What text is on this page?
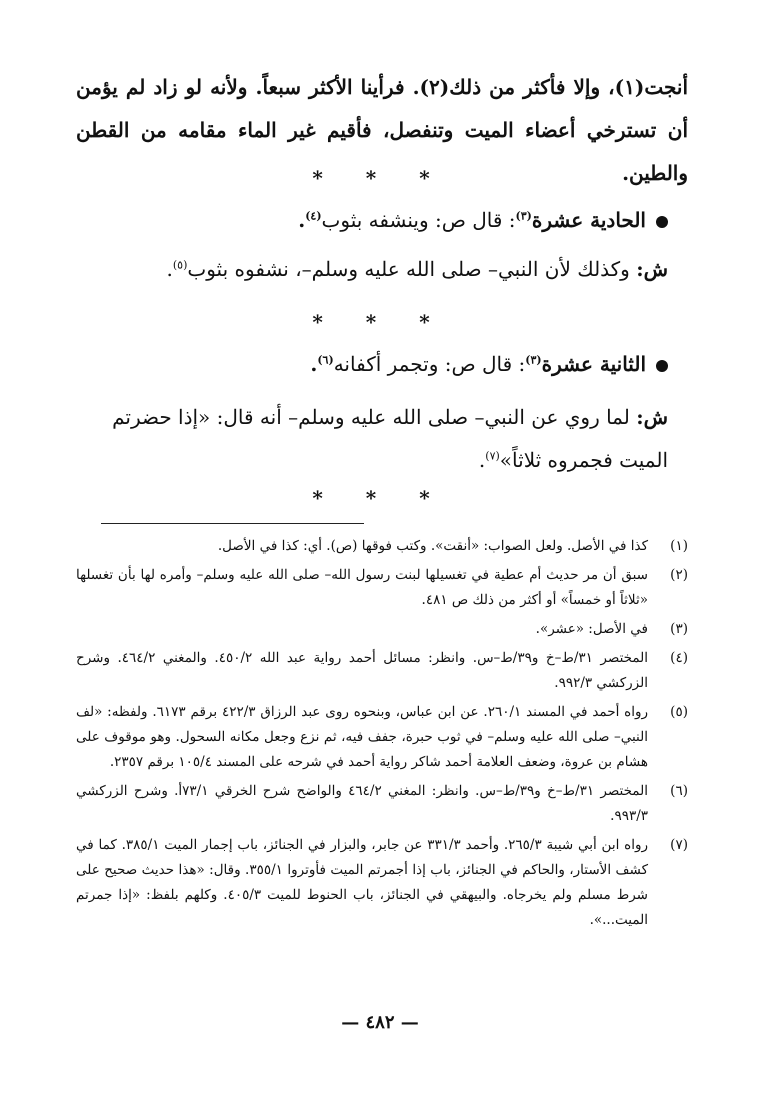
أنجت(١)، وإلا فأكثر من ذلك(٢). فرأينا الأكثر سبعاً. ولأنه لو زاد لم يؤمن أن تسترخي أعضاء الميت وتنفصل، فأقيم غير الماء مقامه من القطن والطين.
* * *
الحادية عشرة$^{(٣)}$: قال ص: وينشفه بثوب$^{(٤)}$.
ش: وكذلك لأن النبي– صلى الله عليه وسلم–، نشفوه بثوب$^{(٥)}$.
* * *
الثانية عشرة$^{(٣)}$: قال ص: وتجمر أكفانه$^{(٦)}$.
ش: لما روي عن النبي– صلى الله عليه وسلم– أنه قال: «إذا حضرتم الميت فجمروه ثلاثاً»$^{(٧)}$.
* * *
(١)
كذا في الأصل. ولعل الصواب: «أنقت». وكتب فوقها (ص). أي: كذا في الأصل.
(٢)
سبق أن مر حديث أم عطية في تغسيلها لبنت رسول الله– صلى الله عليه وسلم– وأمره لها بأن تغسلها «ثلاثاً أو خمساً» أو أكثر من ذلك ص ٤٨١.
(٣)
في الأصل: «عشر».
(٤)
المختصر ٣١/ط–خ و٣٩/ط–س. وانظر: مسائل أحمد رواية عبد الله ٤٥٠/٢. والمغني ٤٦٤/٢. وشرح الزركشي ٩٩٢/٣.
(٥)
رواه أحمد في المسند ٢٦٠/١. عن ابن عباس، وبنحوه روى عبد الرزاق ٤٢٢/٣ برقم ٦١٧٣. ولفظه: «لف النبي– صلى الله عليه وسلم– في ثوب حبرة، جفف فيه، ثم نزع وجعل مكانه السحول. وهو موقوف على هشام بن عروة، وضعف العلامة أحمد شاكر رواية أحمد في شرحه على المسند ١٠٥/٤ برقم ٢٣٥٧.
(٦)
المختصر ٣١/ط–خ و٣٩/ط–س. وانظر: المغني ٤٦٤/٢ والواضح شرح الخرقي ٧٣/١أ. وشرح الزركشي ٩٩٣/٣.
(٧)
رواه ابن أبي شيبة ٢٦٥/٣. وأحمد ٣٣١/٣ عن جابر، والبزار في الجنائز، باب إجمار الميت ٣٨٥/١. كما في كشف الأستار، والحاكم في الجنائز، باب إذا أجمرتم الميت فأوتروا ٣٥٥/١. وقال: «هذا حديث صحيح على شرط مسلم ولم يخرجاه. والبيهقي في الجنائز، باب الحنوط للميت ٤٠٥/٣. وكلهم بلفظ: «إذا جمرتم الميت...».
— ٤٨٢ —
